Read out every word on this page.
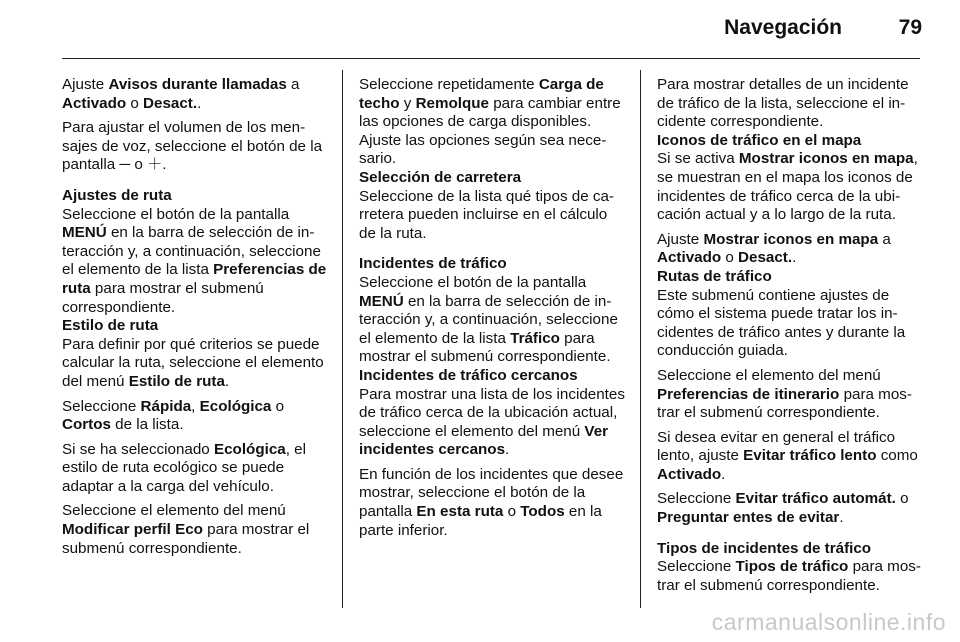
Navegación	79

Ajuste Avisos durante llamadas a Activado o Desact..

Para ajustar el volumen de los mensajes de voz, seleccione el botón de la pantalla ─ o ＋.

Ajustes de ruta
Seleccione el botón de la pantalla MENÚ en la barra de selección de interacción y, a continuación, seleccione el elemento de la lista Preferencias de ruta para mostrar el submenú correspondiente.

Estilo de ruta
Para definir por qué criterios se puede calcular la ruta, seleccione el elemento del menú Estilo de ruta.

Seleccione Rápida, Ecológica o Cortos de la lista.

Si se ha seleccionado Ecológica, el estilo de ruta ecológico se puede adaptar a la carga del vehículo.

Seleccione el elemento del menú Modificar perfil Eco para mostrar el submenú correspondiente.

Seleccione repetidamente Carga de techo y Remolque para cambiar entre las opciones de carga disponibles. Ajuste las opciones según sea necesario.

Selección de carretera
Seleccione de la lista qué tipos de carretera pueden incluirse en el cálculo de la ruta.

Incidentes de tráfico
Seleccione el botón de la pantalla MENÚ en la barra de selección de interacción y, a continuación, seleccione el elemento de la lista Tráfico para mostrar el submenú correspondiente.

Incidentes de tráfico cercanos
Para mostrar una lista de los incidentes de tráfico cerca de la ubicación actual, seleccione el elemento del menú Ver incidentes cercanos.

En función de los incidentes que desee mostrar, seleccione el botón de la pantalla En esta ruta o Todos en la parte inferior.

Para mostrar detalles de un incidente de tráfico de la lista, seleccione el incidente correspondiente.

Iconos de tráfico en el mapa
Si se activa Mostrar iconos en mapa, se muestran en el mapa los iconos de incidentes de tráfico cerca de la ubicación actual y a lo largo de la ruta.

Ajuste Mostrar iconos en mapa a Activado o Desact..

Rutas de tráfico
Este submenú contiene ajustes de cómo el sistema puede tratar los incidentes de tráfico antes y durante la conducción guiada.

Seleccione el elemento del menú Preferencias de itinerario para mostrar el submenú correspondiente.

Si desea evitar en general el tráfico lento, ajuste Evitar tráfico lento como Activado.

Seleccione Evitar tráfico automát. o Preguntar entes de evitar.

Tipos de incidentes de tráfico
Seleccione Tipos de tráfico para mostrar el submenú correspondiente.

carmanualsonline.info
